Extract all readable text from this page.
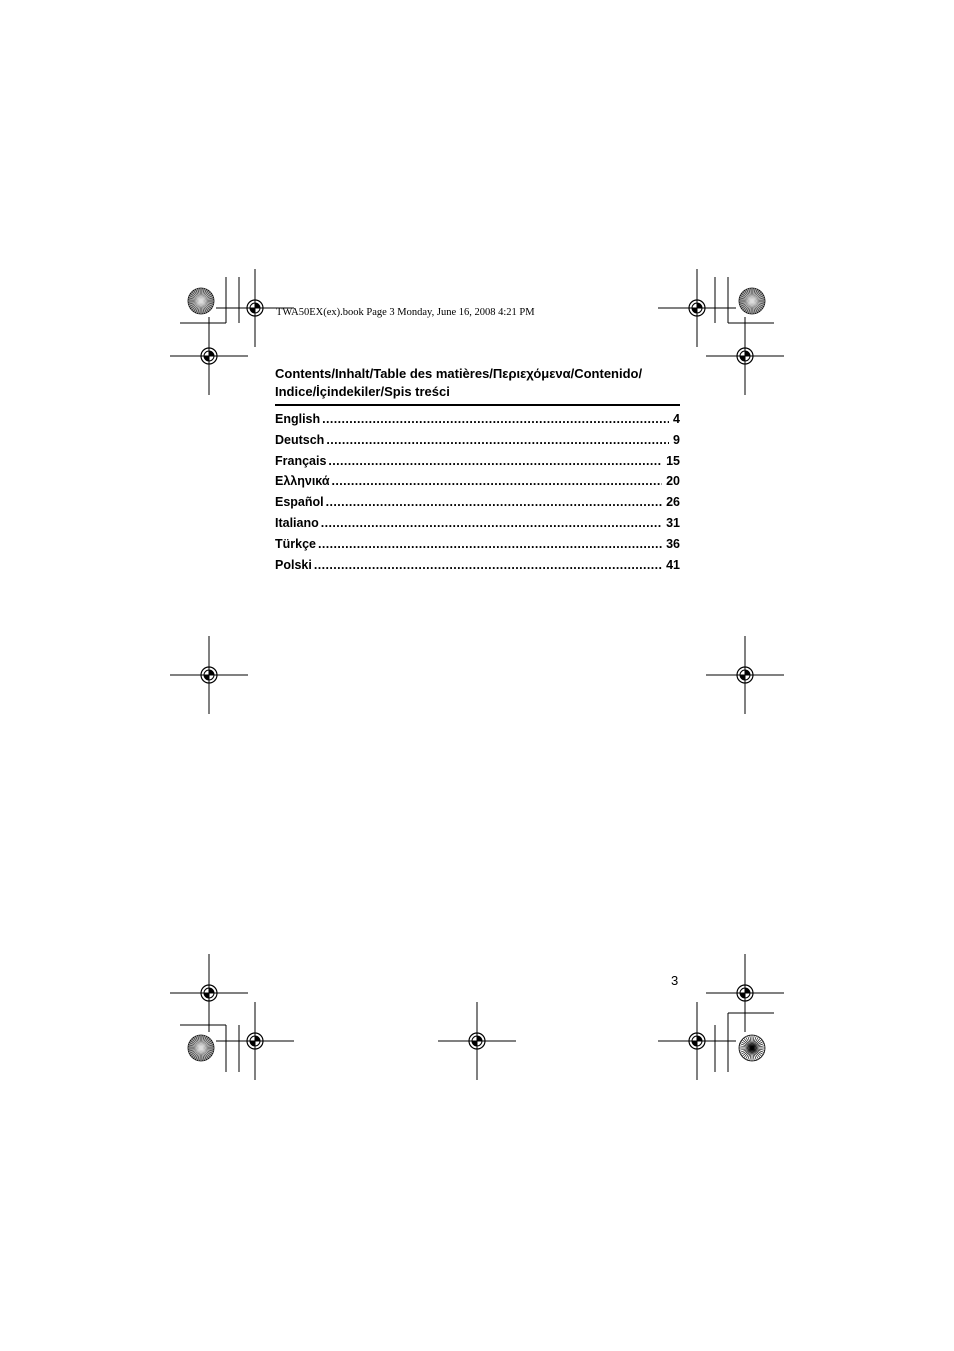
TWA50EX(ex).book Page 3 Monday, June 16, 2008 4:21 PM
Contents/Inhalt/Table des matières/Περιεχόμενα/Contenido/
Indice/İçindekiler/Spis treści
English .....	4
Deutsch .....	9
Français .....	15
Ελληνικά .....	20
Español .....	26
Italiano .....	31
Türkçe .....	36
Polski .....	41
3
